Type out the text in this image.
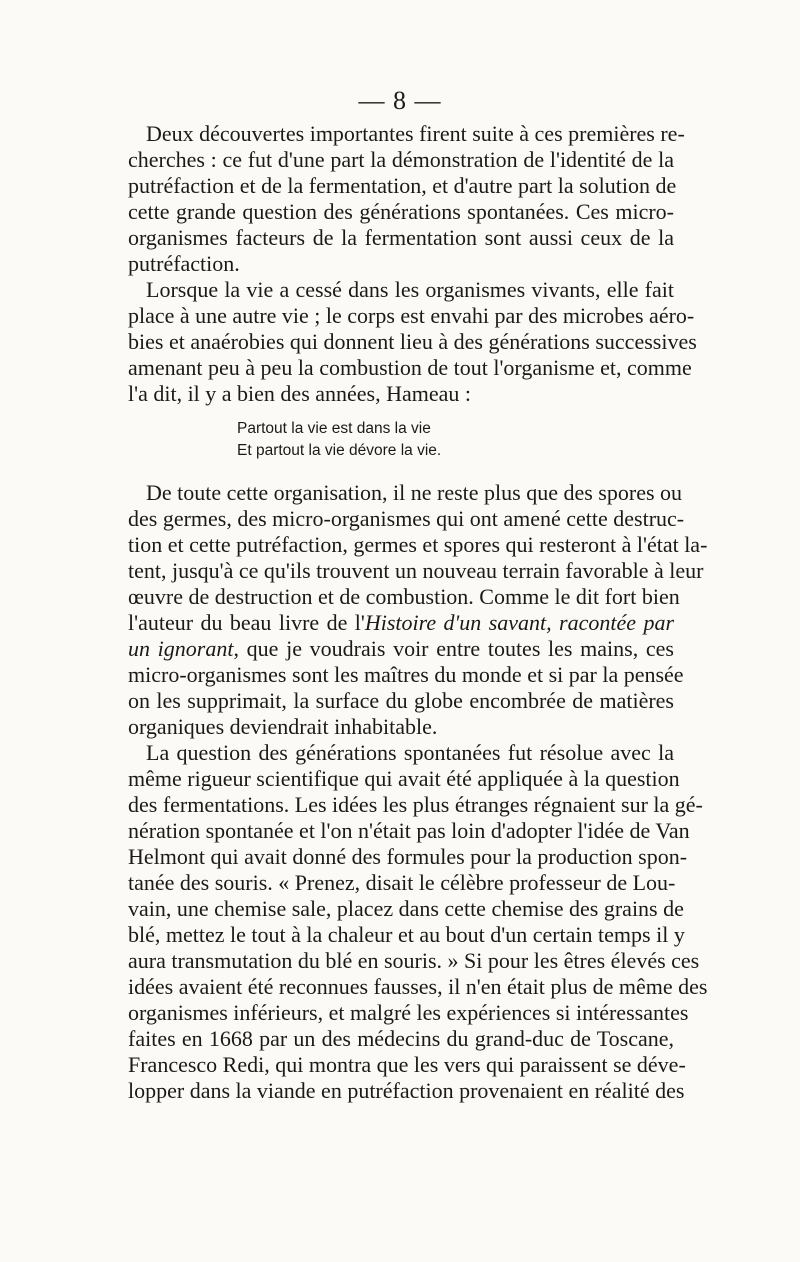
— 8 —
Deux découvertes importantes firent suite à ces premières re-
cherches : ce fut d'une part la démonstration de l'identité de la
putréfaction et de la fermentation, et d'autre part la solution de
cette grande question des générations spontanées. Ces micro-
organismes facteurs de la fermentation sont aussi ceux de la
putréfaction.
Lorsque la vie a cessé dans les organismes vivants, elle fait
place à une autre vie ; le corps est envahi par des microbes aéro-
bies et anaérobies qui donnent lieu à des générations successives
amenant peu à peu la combustion de tout l'organisme et, comme
l'a dit, il y a bien des années, Hameau :
Partout la vie est dans la vie
Et partout la vie dévore la vie.
De toute cette organisation, il ne reste plus que des spores ou
des germes, des micro-organismes qui ont amené cette destruc-
tion et cette putréfaction, germes et spores qui resteront à l'état la-
tent, jusqu'à ce qu'ils trouvent un nouveau terrain favorable à leur
œuvre de destruction et de combustion. Comme le dit fort bien
l'auteur du beau livre de l'Histoire d'un savant, racontée par
un ignorant, que je voudrais voir entre toutes les mains, ces
micro-organismes sont les maîtres du monde et si par la pensée
on les supprimait, la surface du globe encombrée de matières
organiques deviendrait inhabitable.
La question des générations spontanées fut résolue avec la
même rigueur scientifique qui avait été appliquée à la question
des fermentations. Les idées les plus étranges régnaient sur la gé-
nération spontanée et l'on n'était pas loin d'adopter l'idée de Van
Helmont qui avait donné des formules pour la production spon-
tanée des souris. « Prenez, disait le célèbre professeur de Lou-
vain, une chemise sale, placez dans cette chemise des grains de
blé, mettez le tout à la chaleur et au bout d'un certain temps il y
aura transmutation du blé en souris. » Si pour les êtres élevés ces
idées avaient été reconnues fausses, il n'en était plus de même des
organismes inférieurs, et malgré les expériences si intéressantes
faites en 1668 par un des médecins du grand-duc de Toscane,
Francesco Redi, qui montra que les vers qui paraissent se déve-
lopper dans la viande en putréfaction provenaient en réalité des
